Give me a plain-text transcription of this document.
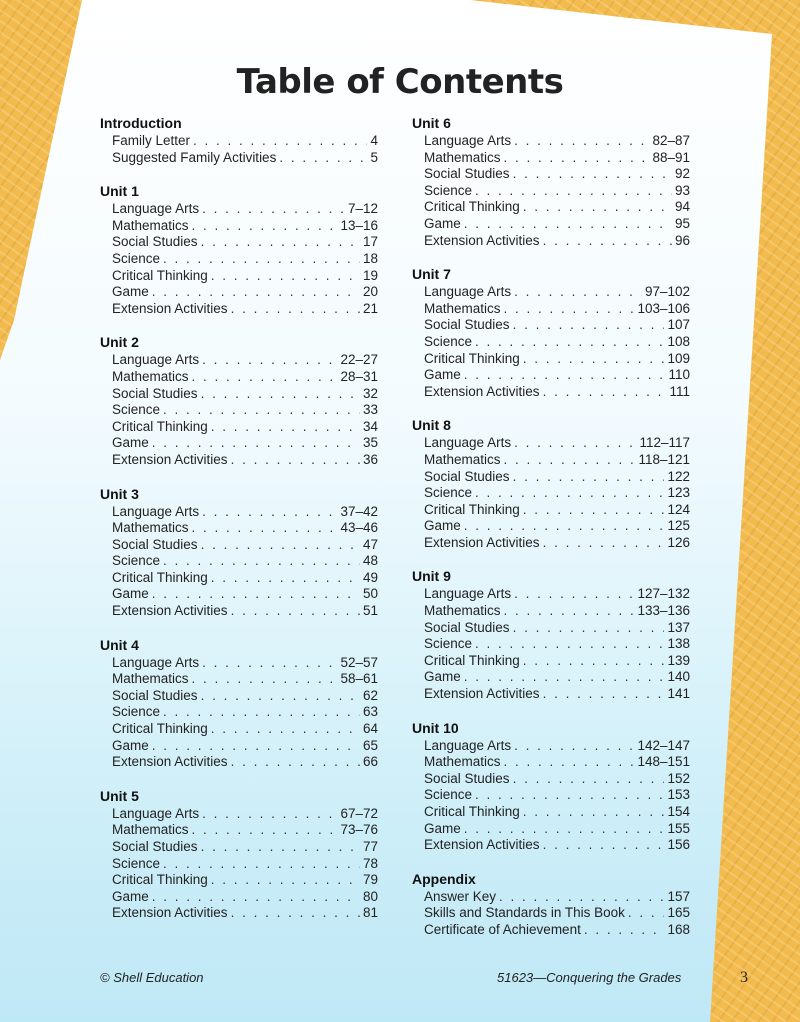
Table of Contents
Introduction
Family Letter . . .	4
Suggested Family Activities . . .	5
Unit 1
Language Arts . . .	7–12
Mathematics . . .	13–16
Social Studies . . .	17
Science . . .	18
Critical Thinking . . .	19
Game . . .	20
Extension Activities . . .	21
Unit 2
Language Arts . . .	22–27
Mathematics . . .	28–31
Social Studies . . .	32
Science . . .	33
Critical Thinking . . .	34
Game . . .	35
Extension Activities . . .	36
Unit 3
Language Arts . . .	37–42
Mathematics . . .	43–46
Social Studies . . .	47
Science . . .	48
Critical Thinking . . .	49
Game . . .	50
Extension Activities . . .	51
Unit 4
Language Arts . . .	52–57
Mathematics . . .	58–61
Social Studies . . .	62
Science . . .	63
Critical Thinking . . .	64
Game . . .	65
Extension Activities . . .	66
Unit 5
Language Arts . . .	67–72
Mathematics . . .	73–76
Social Studies . . .	77
Science . . .	78
Critical Thinking . . .	79
Game . . .	80
Extension Activities . . .	81
Unit 6
Language Arts . . .	82–87
Mathematics . . .	88–91
Social Studies . . .	92
Science . . .	93
Critical Thinking . . .	94
Game . . .	95
Extension Activities . . .	96
Unit 7
Language Arts . . .	97–102
Mathematics . . .	103–106
Social Studies . . .	107
Science . . .	108
Critical Thinking . . .	109
Game . . .	110
Extension Activities . . .	111
Unit 8
Language Arts . . .	112–117
Mathematics . . .	118–121
Social Studies . . .	122
Science . . .	123
Critical Thinking . . .	124
Game . . .	125
Extension Activities . . .	126
Unit 9
Language Arts . . .	127–132
Mathematics . . .	133–136
Social Studies . . .	137
Science . . .	138
Critical Thinking . . .	139
Game . . .	140
Extension Activities . . .	141
Unit 10
Language Arts . . .	142–147
Mathematics . . .	148–151
Social Studies . . .	152
Science . . .	153
Critical Thinking . . .	154
Game . . .	155
Extension Activities . . .	156
Appendix
Answer Key . . .	157
Skills and Standards in This Book . . .	165
Certificate of Achievement . . .	168
© Shell Education	51623—Conquering the Grades	3
